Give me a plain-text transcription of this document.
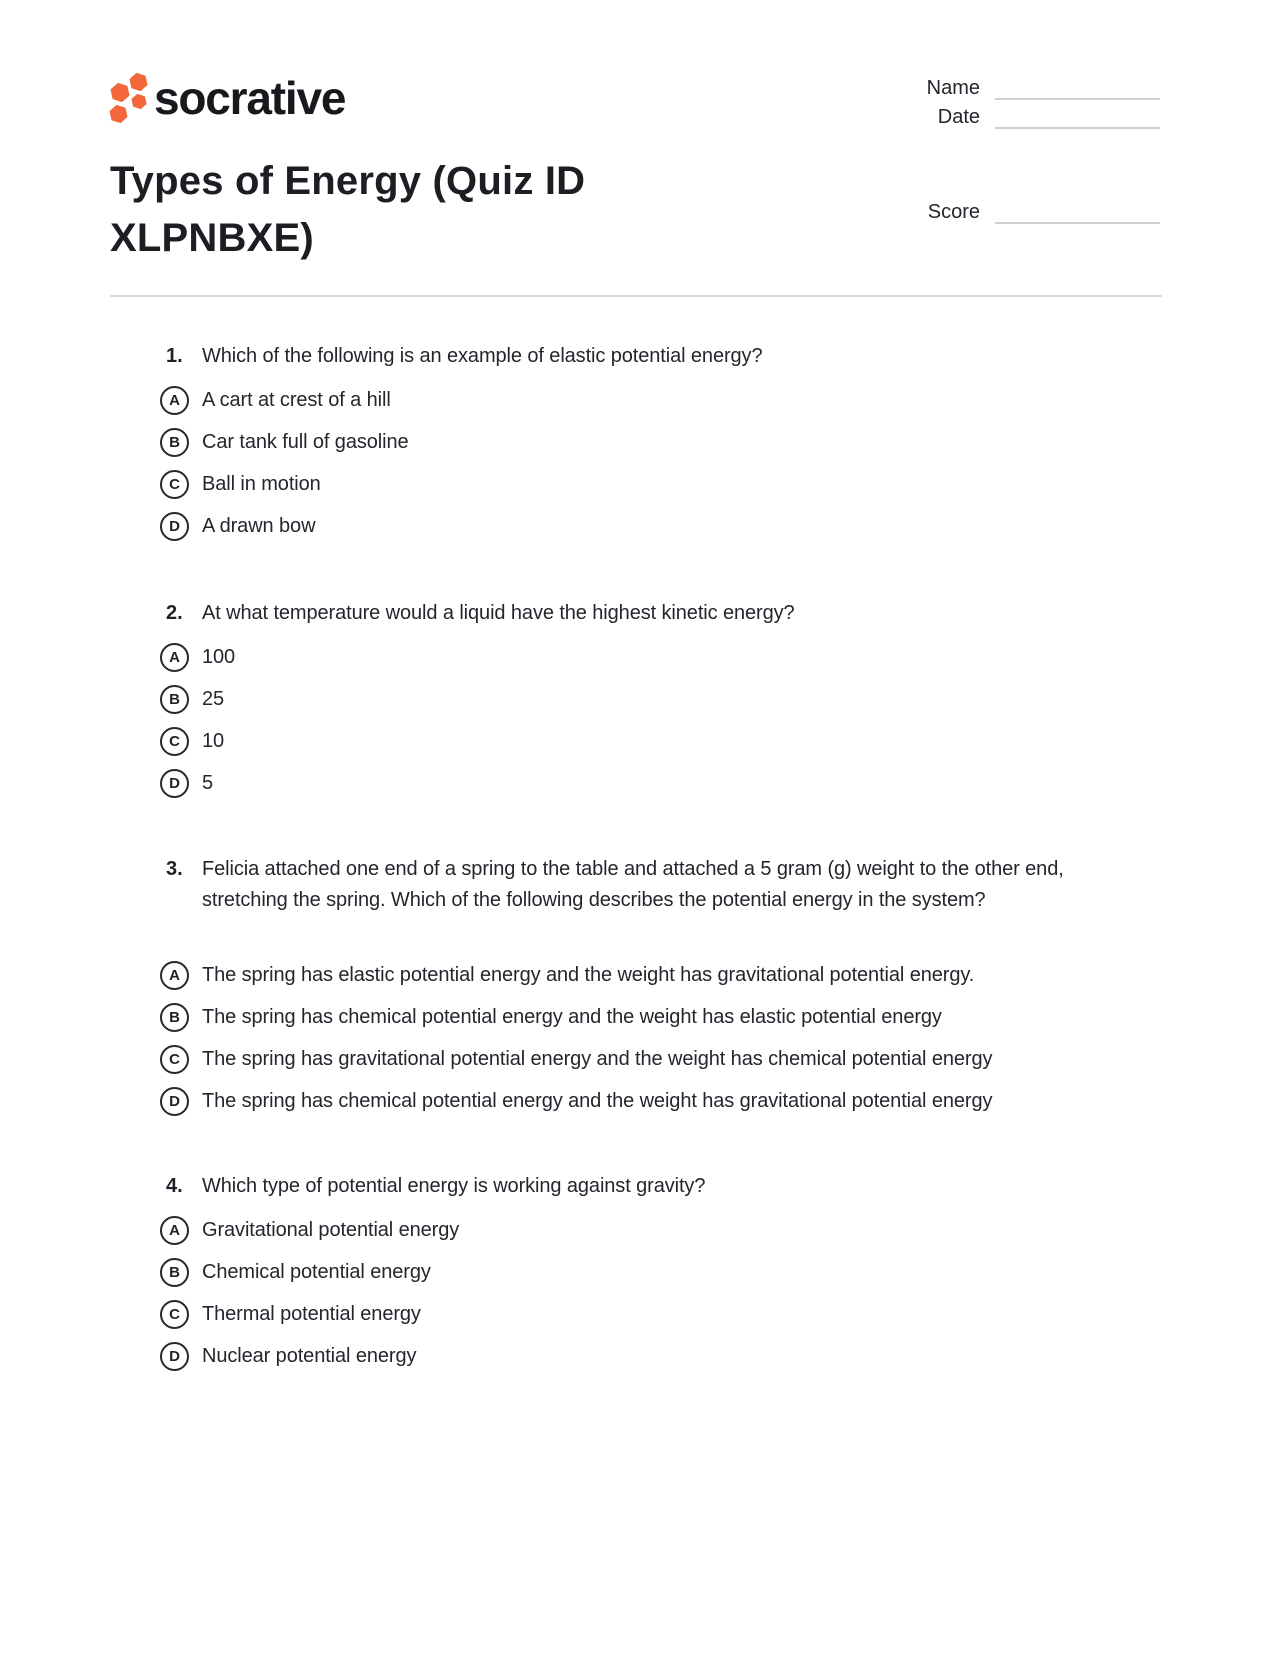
socrative	Name
Date
Score
Types of Energy (Quiz ID XLPNBXE)
1. Which of the following is an example of elastic potential energy?
A	A cart at crest of a hill
B	Car tank full of gasoline
C	Ball in motion
D	A drawn bow
2. At what temperature would a liquid have the highest kinetic energy?
A	100
B	25
C	10
D	5
3. Felicia attached one end of a spring to the table and attached a 5 gram (g) weight to the other end, stretching the spring. Which of the following describes the potential energy in the system?
A	The spring has elastic potential energy and the weight has gravitational potential energy.
B	The spring has chemical potential energy and the weight has elastic potential energy
C	The spring has gravitational potential energy and the weight has chemical potential energy
D	The spring has chemical potential energy and the weight has gravitational potential energy
4. Which type of potential energy is working against gravity?
A	Gravitational potential energy
B	Chemical potential energy
C	Thermal potential energy
D	Nuclear potential energy
